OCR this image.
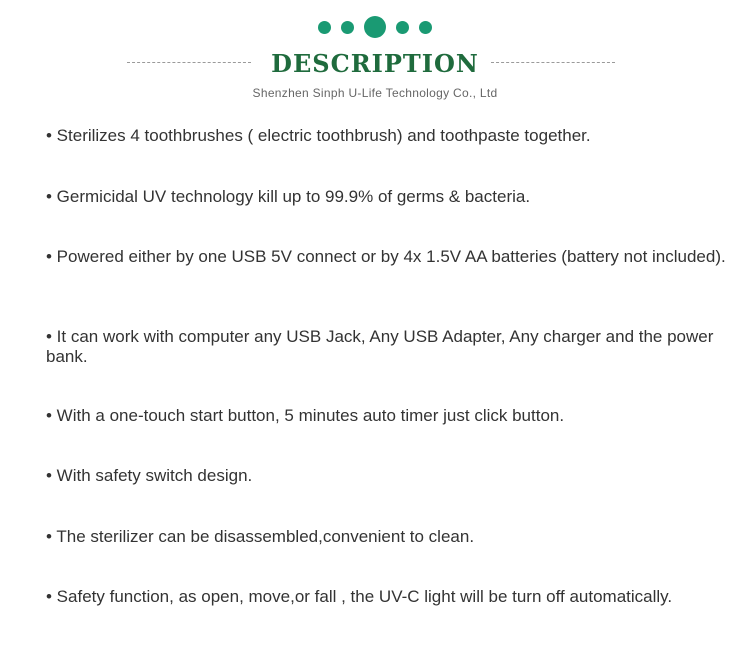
DESCRIPTION
Shenzhen Sinph U-Life Technology Co., Ltd
• Sterilizes 4 toothbrushes ( electric toothbrush) and toothpaste together.
• Germicidal UV technology kill up to 99.9% of germs & bacteria.
• Powered either by one USB 5V connect or by 4x 1.5V AA batteries (battery not included).
• It can work with computer any USB Jack, Any USB Adapter, Any charger and the power bank.
• With a one-touch start button, 5 minutes auto timer just click button.
• With safety switch design.
• The sterilizer can be disassembled,convenient to clean.
• Safety function, as open, move,or fall , the UV-C light will be turn off automatically.
